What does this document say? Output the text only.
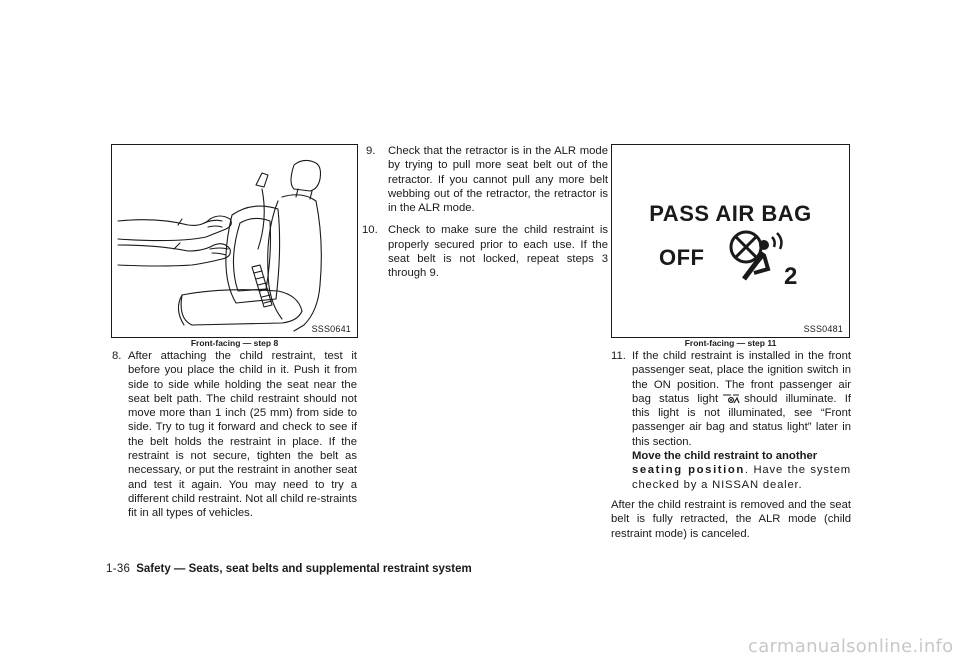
SSS0641
Front-facing — step 8
8. After attaching the child restraint, test it before you place the child in it. Push it from side to side while holding the seat near the seat belt path. The child restraint should not move more than 1 inch (25 mm) from side to side. Try to tug it forward and check to see if the belt holds the restraint in place. If the restraint is not secure, tighten the belt as necessary, or put the restraint in another seat and test it again. You may need to try a different child restraint. Not all child re-straints fit in all types of vehicles.
9.	Check that the retractor is in the ALR mode by trying to pull more seat belt out of the retractor. If you cannot pull any more belt webbing out of the retractor, the retractor is in the ALR mode.
10. Check to make sure the child restraint is properly secured prior to each use. If the seat belt is not locked, repeat steps 3 through 9.
PASS AIR BAG
OFF
2
SSS0481
Front-facing — step 11
11. If the child restraint is installed in the front passenger seat, place the ignition switch in the ON position. The front passenger air bag status light should illuminate. If this light is not illuminated, see “Front passenger air bag and status light” later in this section.
Move the child restraint to another
seating position. Have the system checked by a NISSAN dealer.

After the child restraint is removed and the seat belt is fully retracted, the ALR mode (child restraint mode) is canceled.

1-36 Safety — Seats, seat belts and supplemental restraint system
carmanualsonline.info
